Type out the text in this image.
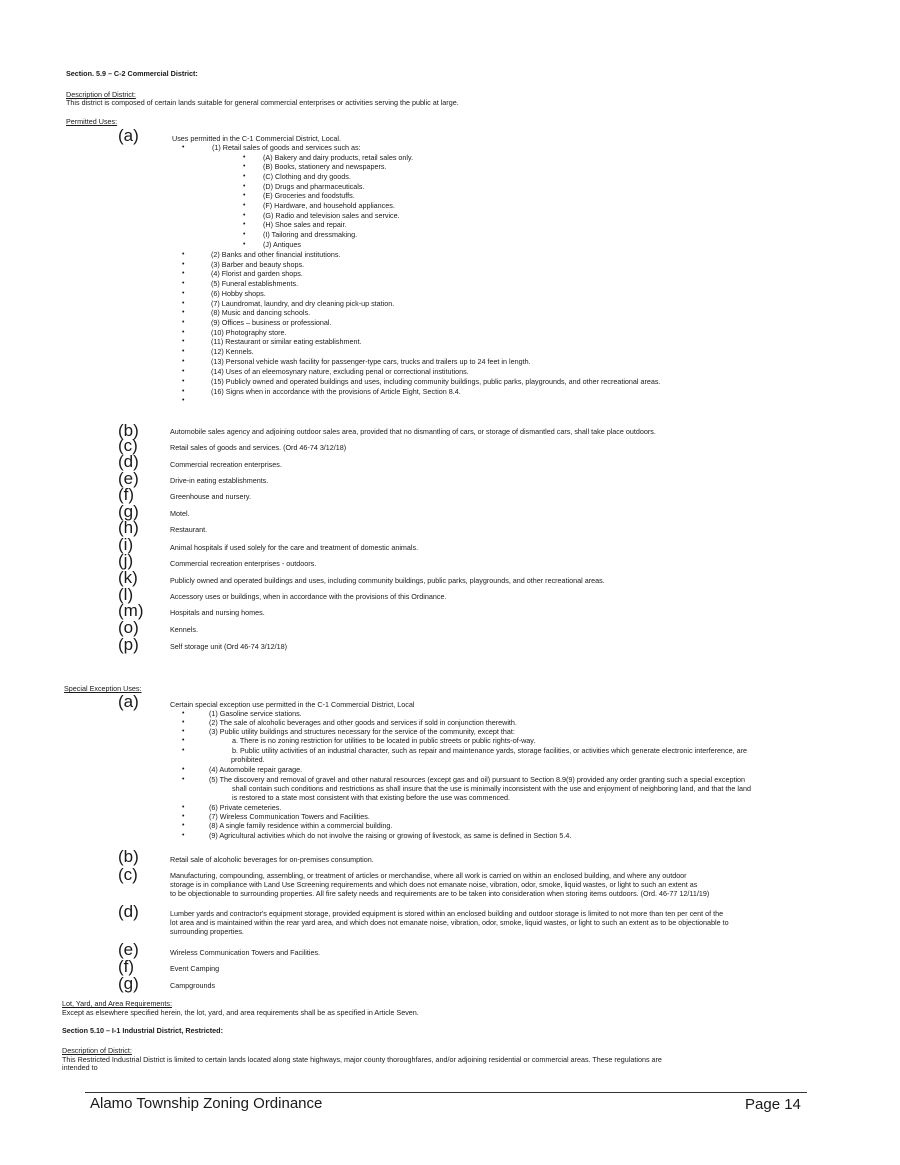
Section. 5.9 – C-2 Commercial District:
Description of District:
This district is composed of certain lands suitable for general commercial enterprises or activities serving the public at large.
Permitted Uses:
(a)	Uses permitted in the C-1 Commercial District, Local.
•	(1) Retail sales of goods and services such as:
• (A) Bakery and dairy products, retail sales only.
• (B) Books, stationery and newspapers.
• (C) Clothing and dry goods.
• (D) Drugs and pharmaceuticals.
• (E) Groceries and foodstuffs.
• (F) Hardware, and household appliances.
• (G) Radio and television sales and service.
• (H) Shoe sales and repair.
• (I) Tailoring and dressmaking.
• (J) Antiques
•	(2) Banks and other financial institutions.
•	(3) Barber and beauty shops.
•	(4) Florist and garden shops.
•	(5) Funeral establishments.
•	(6) Hobby shops.
•	(7) Laundromat, laundry, and dry cleaning pick-up station.
•	(8) Music and dancing schools.
•	(9) Offices – business or professional.
•	(10) Photography store.
•	(11) Restaurant or similar eating establishment.
•	(12) Kennels.
•	(13) Personal vehicle wash facility for passenger-type cars, trucks and trailers up to 24 feet in length.
•	(14) Uses of an eleemosynary nature, excluding penal or correctional institutions.
•	(15) Publicly owned and operated buildings and uses, including community buildings, public parks, playgrounds, and other recreational areas.
•	(16) Signs when in accordance with the provisions of Article Eight, Section 8.4.
•
(b)	Automobile sales agency and adjoining outdoor sales area, provided that no dismantling of cars, or storage of dismantled cars, shall take place outdoors.
(c)	Retail sales of goods and services. (Ord 46-74 3/12/18)
(d)	Commercial recreation enterprises.
(e)	Drive-in eating establishments.
(f)	Greenhouse and nursery.
(g)	Motel.
(h)	Restaurant.
(i)	Animal hospitals if used solely for the care and treatment of domestic animals.
(j)	Commercial recreation enterprises - outdoors.
(k)	Publicly owned and operated buildings and uses, including community buildings, public parks, playgrounds, and other recreational areas.
(l)	Accessory uses or buildings, when in accordance with the provisions of this Ordinance.
(m)	Hospitals and nursing homes.
(o)	Kennels.
(p)	Self storage unit (Ord 46-74 3/12/18)
Special Exception Uses:
(a)	Certain special exception use permitted in the C-1 Commercial District, Local
•	(1) Gasoline service stations.
•	(2) The sale of alcoholic beverages and other goods and services if sold in conjunction therewith.
•	(3) Public utility buildings and structures necessary for the service of the community, except that:
•	a. There is no zoning restriction for utilities to be located in public streets or public rights-of-way.
•	b. Public utility activities of an industrial character, such as repair and maintenance yards, storage facilities, or activities which generate electronic interference, are
prohibited.
•	(4) Automobile repair garage.
•	(5) The discovery and removal of gravel and other natural resources (except gas and oil) pursuant to Section 8.9(9) provided any order granting such a special exception
shall contain such conditions and restrictions as shall insure that the use is minimally inconsistent with the use and enjoyment of neighboring land, and that the land
is restored to a state most consistent with that existing before the use was commenced.
•	(6) Private cemeteries.
•	(7) Wireless Communication Towers and Facilities.
•	(8) A single family residence within a commercial building.
•	(9) Agricultural activities which do not involve the raising or growing of livestock, as same is defined in Section 5.4.
(b)	Retail sale of alcoholic beverages for on-premises consumption.
(c)	Manufacturing, compounding, assembling, or treatment of articles or merchandise, where all work is carried on within an enclosed building, and where any outdoor
storage is in compliance with Land Use Screening requirements and which does not emanate noise, vibration, odor, smoke, liquid wastes, or light to such an extent as
to be objectionable to surrounding properties. All fire safety needs and requirements are to be taken into consideration when storing items outdoors. (Ord. 46-77 12/11/19)
(d)	Lumber yards and contractor's equipment storage, provided equipment is stored within an enclosed building and outdoor storage is limited to not more than ten per cent of the
lot area and is maintained within the rear yard area, and which does not emanate noise, vibration, odor, smoke, liquid wastes, or light to such an extent as to be objectionable to
surrounding properties.
(e)	Wireless Communication Towers and Facilities.
(f)	Event Camping
(g)	Campgrounds
Lot, Yard, and Area Requirements:
Except as elsewhere specified herein, the lot, yard, and area requirements shall be as specified in Article Seven.
Section 5.10 – I-1 Industrial District, Restricted:
Description of District:
This Restricted Industrial District is limited to certain lands located along state highways, major county thoroughfares, and/or adjoining residential or commercial areas. These regulations are
intended to
Alamo Township Zoning Ordinance	Page 14
